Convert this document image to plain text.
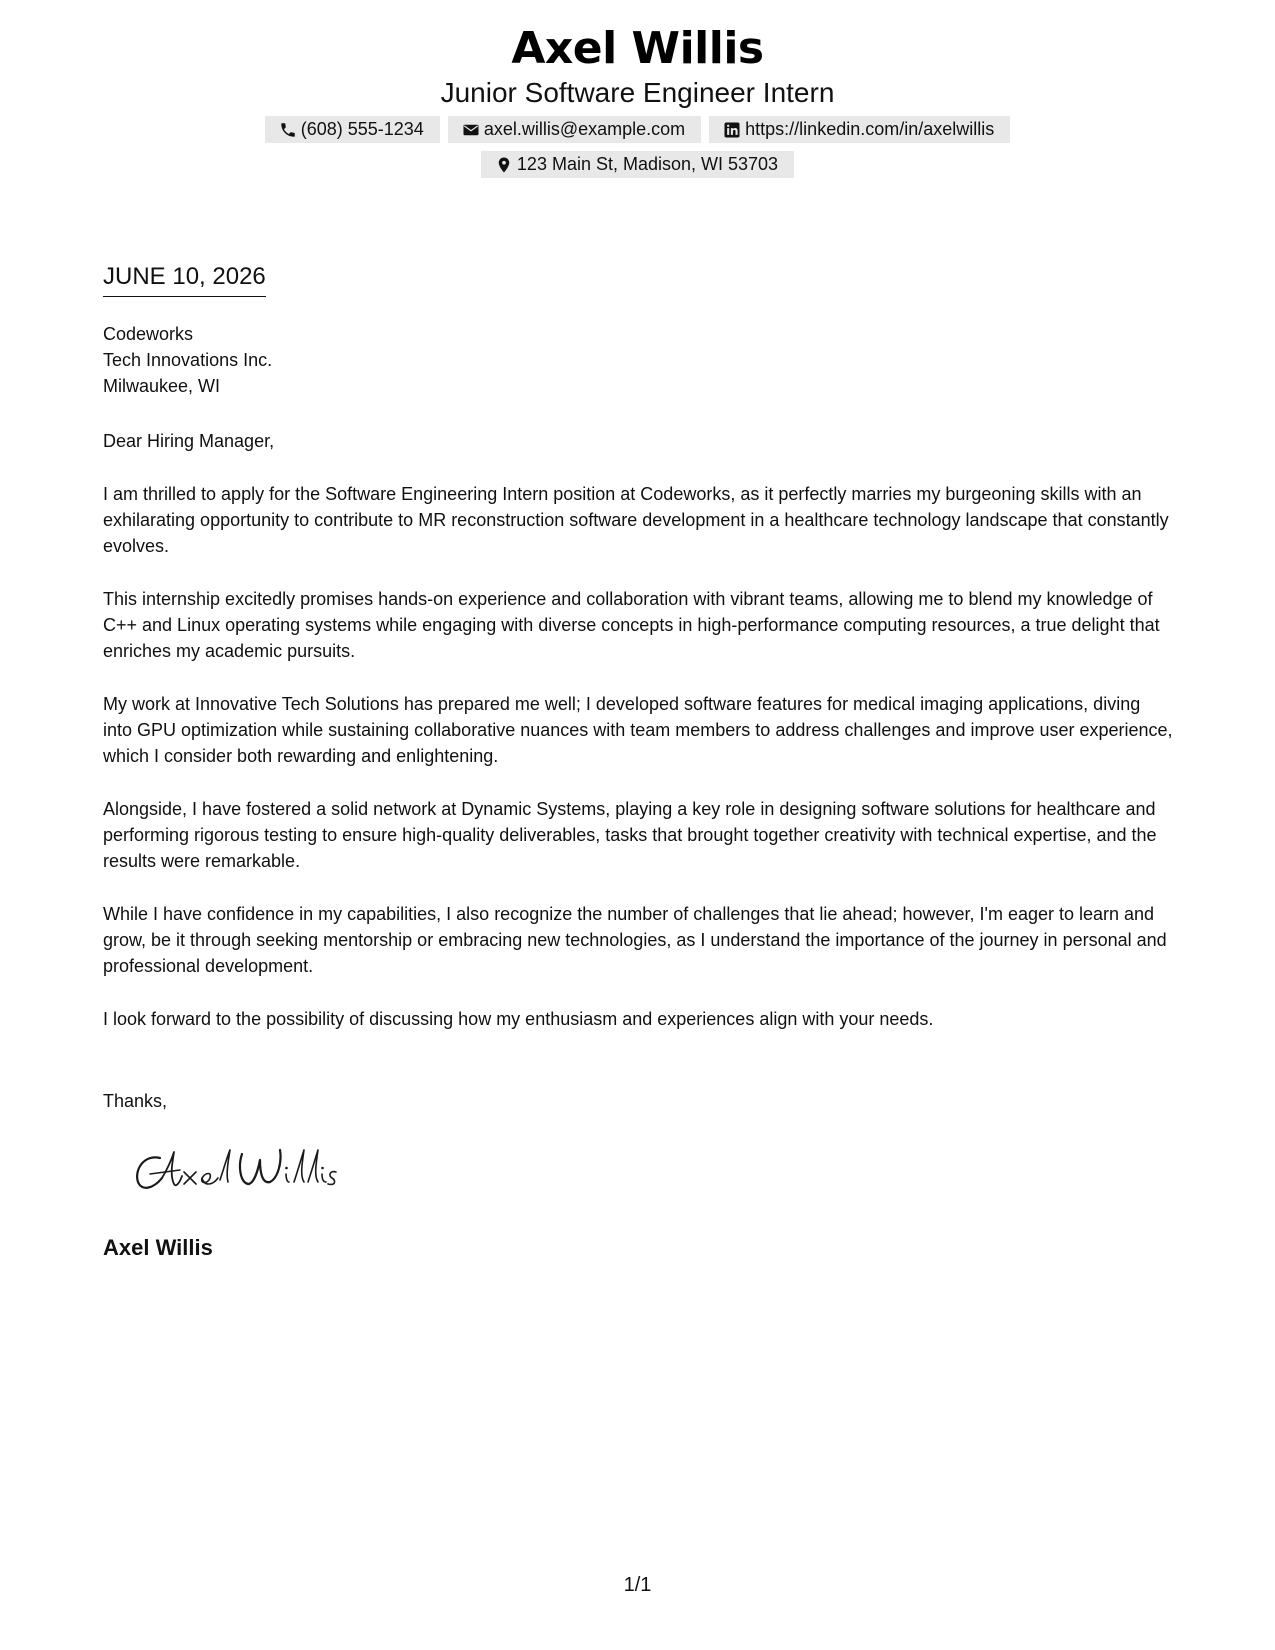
Axel Willis
Junior Software Engineer Intern
(608) 555-1234	axel.willis@example.com	https://linkedin.com/in/axelwillis
123 Main St, Madison, WI 53703
JUNE 10, 2026
Codeworks
Tech Innovations Inc.
Milwaukee, WI

Dear Hiring Manager,

I am thrilled to apply for the Software Engineering Intern position at Codeworks, as it perfectly marries my burgeoning skills with an exhilarating opportunity to contribute to MR reconstruction software development in a healthcare technology landscape that constantly evolves.

This internship excitedly promises hands-on experience and collaboration with vibrant teams, allowing me to blend my knowledge of C++ and Linux operating systems while engaging with diverse concepts in high-performance computing resources, a true delight that enriches my academic pursuits.

My work at Innovative Tech Solutions has prepared me well; I developed software features for medical imaging applications, diving into GPU optimization while sustaining collaborative nuances with team members to address challenges and improve user experience, which I consider both rewarding and enlightening.

Alongside, I have fostered a solid network at Dynamic Systems, playing a key role in designing software solutions for healthcare and performing rigorous testing to ensure high-quality deliverables, tasks that brought together creativity with technical expertise, and the results were remarkable.

While I have confidence in my capabilities, I also recognize the number of challenges that lie ahead; however, I'm eager to learn and grow, be it through seeking mentorship or embracing new technologies, as I understand the importance of the journey in personal and professional development.

I look forward to the possibility of discussing how my enthusiasm and experiences align with your needs.

Thanks,
Axel Willis
1/1
